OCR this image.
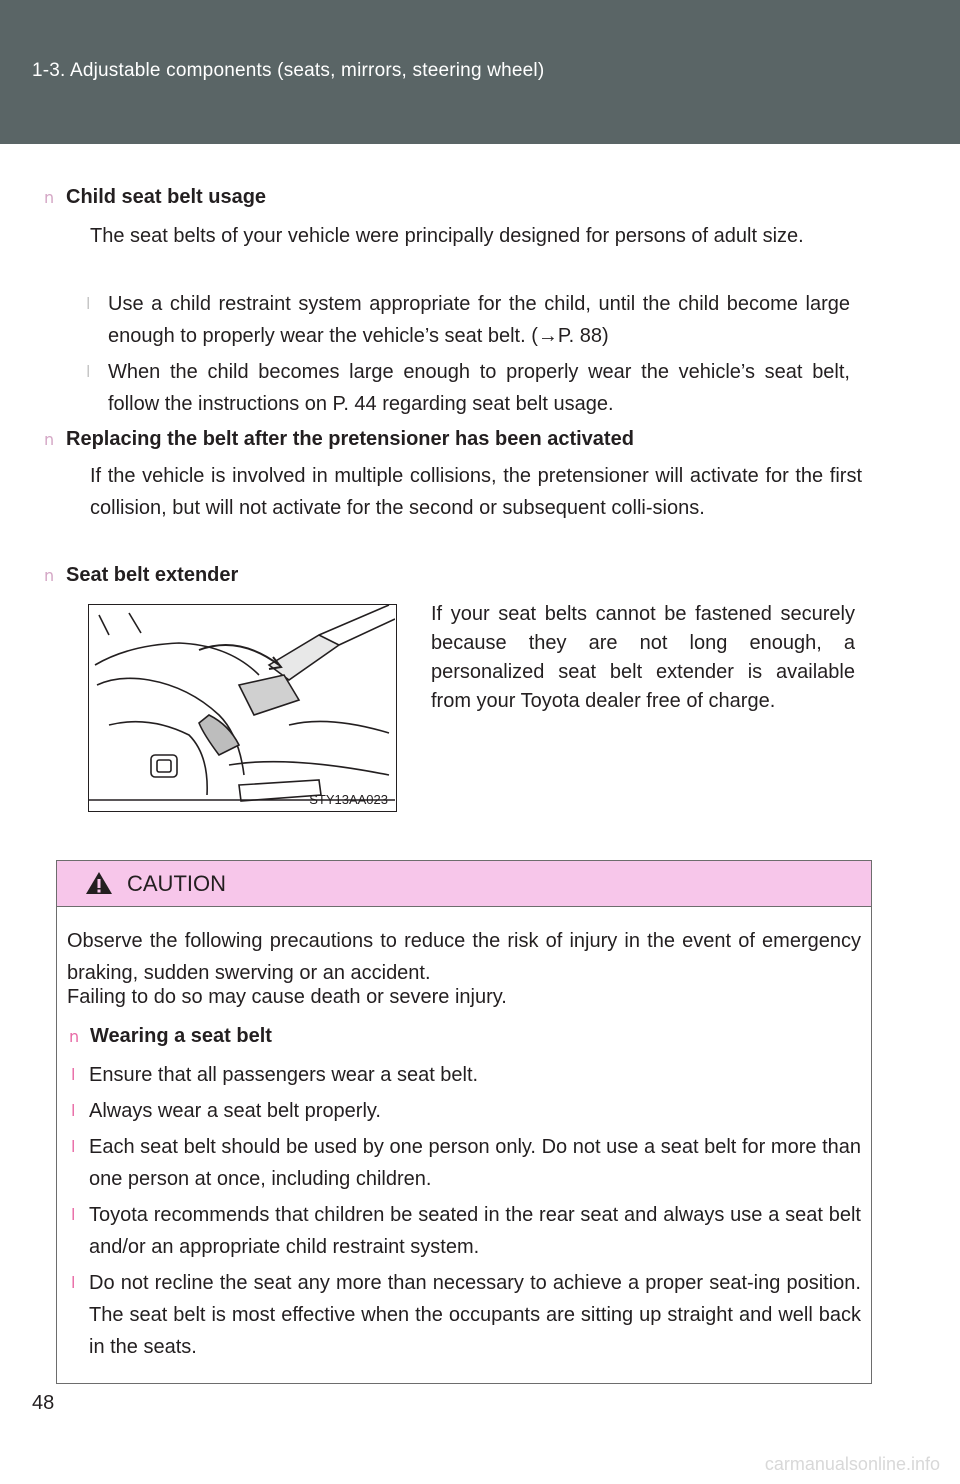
1-3. Adjustable components (seats, mirrors, steering wheel)
n Child seat belt usage
The seat belts of your vehicle were principally designed for persons of adult size.
l Use a child restraint system appropriate for the child, until the child become large enough to properly wear the vehicle’s seat belt. (→P. 88)
l When the child becomes large enough to properly wear the vehicle’s seat belt, follow the instructions on P. 44 regarding seat belt usage.
n Replacing the belt after the pretensioner has been activated
If the vehicle is involved in multiple collisions, the pretensioner will activate for the first collision, but will not activate for the second or subsequent colli-sions.
n Seat belt extender
STY13AA023
If your seat belts cannot be fastened securely because they are not long enough, a personalized seat belt extender is available from your Toyota dealer free of charge.
CAUTION
Observe the following precautions to reduce the risk of injury in the event of emergency braking, sudden swerving or an accident.
Failing to do so may cause death or severe injury.
n Wearing a seat belt
l Ensure that all passengers wear a seat belt.
l Always wear a seat belt properly.
l Each seat belt should be used by one person only. Do not use a seat belt for more than one person at once, including children.
l Toyota recommends that children be seated in the rear seat and always use a seat belt and/or an appropriate child restraint system.
l Do not recline the seat any more than necessary to achieve a proper seat-ing position. The seat belt is most effective when the occupants are sitting up straight and well back in the seats.
48
carmanualsonline.info
